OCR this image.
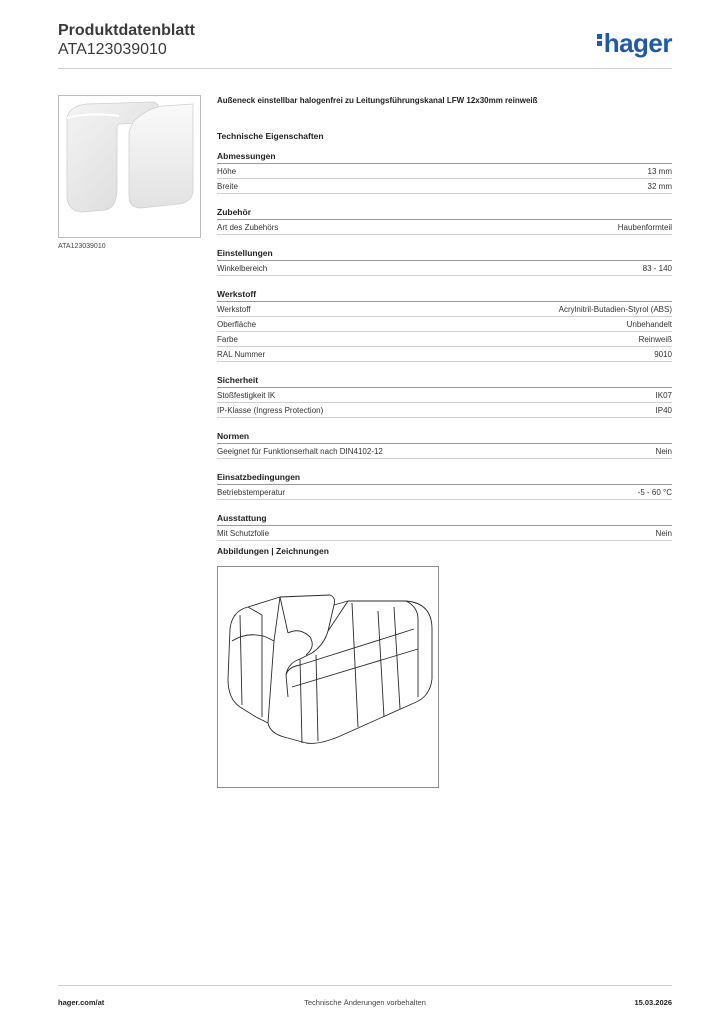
Produktdatenblatt
ATA123039010	hager
ATA123039010
Außeneck einstellbar halogenfrei zu Leitungsführungskanal LFW 12x30mm reinweiß
Technische Eigenschaften
Abmessungen
Höhe	13 mm
Breite	32 mm
Zubehör
Art des Zubehörs	Haubenformteil
Einstellungen
Winkelbereich	83 - 140
Werkstoff
Werkstoff	Acrylnitril-Butadien-Styrol (ABS)
Oberfläche	Unbehandelt
Farbe	Reinweiß
RAL Nummer	9010
Sicherheit
Stoßfestigkeit IK	IK07
IP-Klasse (Ingress Protection)	IP40
Normen
Geeignet für Funktionserhalt nach DIN4102-12	Nein
Einsatzbedingungen
Betriebstemperatur	-5 - 60 °C
Ausstattung
Mit Schutzfolie	Nein
Abbildungen | Zeichnungen
hager.com/at	Technische Änderungen vorbehalten	15.03.2026
